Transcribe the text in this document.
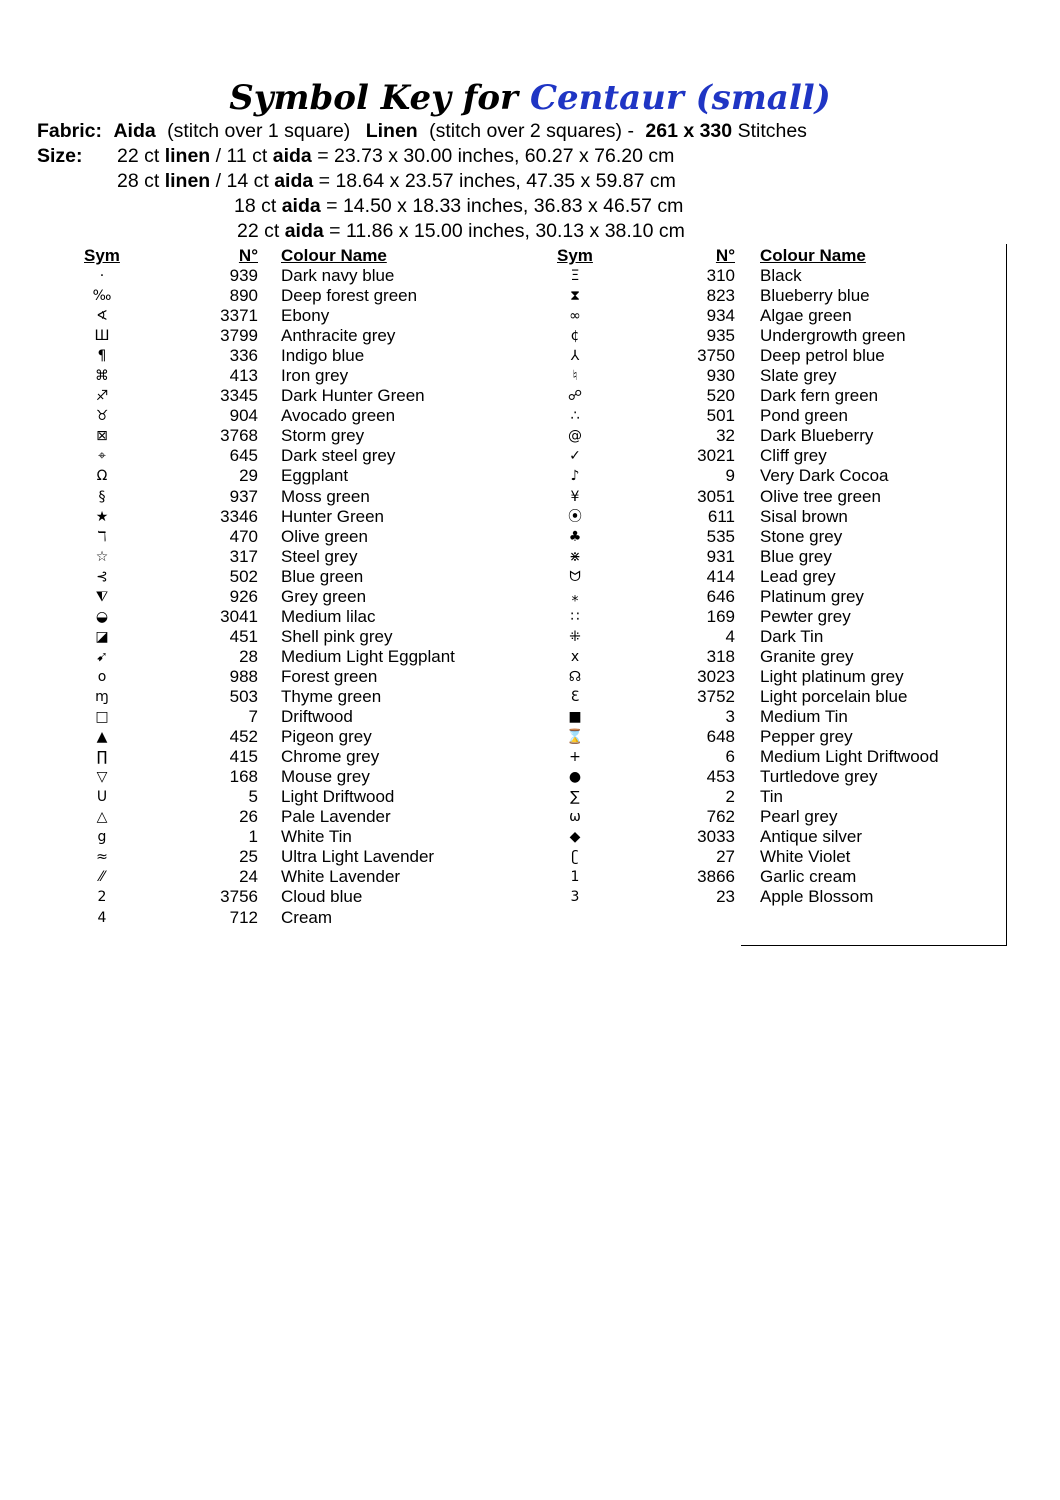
Symbol Key for Centaur (small)
Fabric: Aida (stitch over 1 square) Linen (stitch over 2 squares) - 261 x 330 Stitches
Size: 22 ct linen / 11 ct aida = 23.73 x 30.00 inches, 60.27 x 76.20 cm
28 ct linen / 14 ct aida = 18.64 x 23.57 inches, 47.35 x 59.87 cm
18 ct aida = 14.50 x 18.33 inches, 36.83 x 46.57 cm
22 ct aida = 11.86 x 15.00 inches, 30.13 x 38.10 cm
Sym	N° Colour Name	Sym	N° Colour Name
·	939 Dark navy blue
‰	890 Deep forest green
∢	3371 Ebony
Ш	3799 Anthracite grey
¶	336 Indigo blue
⌘	413 Iron grey
♐	3345 Dark Hunter Green
♉	904 Avocado green
⊠	3768 Storm grey
⌖	645 Dark steel grey
Ω	29 Eggplant
§	937 Moss green
★	3346 Hunter Green
ℸ	470 Olive green
☆	317 Steel grey
⊰	502 Blue green
⧨	926 Grey green
◒	3041 Medium lilac
◪	451 Shell pink grey
➹	28 Medium Light Eggplant
o	988 Forest green
ɱ	503 Thyme green
□	7 Driftwood
▲	452 Pigeon grey
∏	415 Chrome grey
▽	168 Mouse grey
ᑌ	5 Light Driftwood
△	26 Pale Lavender
g	1 White Tin
≈	25 Ultra Light Lavender
⁄⁄	24 White Lavender
2	3756 Cloud blue
4	712 Cream
Ξ	310 Black
⧗	823 Blueberry blue
∞	934 Algae green
¢	935 Undergrowth green
⅄	3750 Deep petrol blue
♮	930 Slate grey
☍	520 Dark fern green
∴	501 Pond green
@	32 Dark Blueberry
✓	3021 Cliff grey
♪	9 Very Dark Cocoa
¥	3051 Olive tree green
⦿	611 Sisal brown
♣	535 Stone grey
⋇	931 Blue grey
ᗢ	414 Lead grey
⁎	646 Platinum grey
∷	169 Pewter grey
⁜	4 Dark Tin
x	318 Granite grey
☊	3023 Light platinum grey
Ɛ	3752 Light porcelain blue
■	3 Medium Tin
⌛	648 Pepper grey
+	6 Medium Light Driftwood
●	453 Turtledove grey
∑	2 Tin
ω	762 Pearl grey
◆	3033 Antique silver
ʗ	27 White Violet
1	3866 Garlic cream
3	23 Apple Blossom
